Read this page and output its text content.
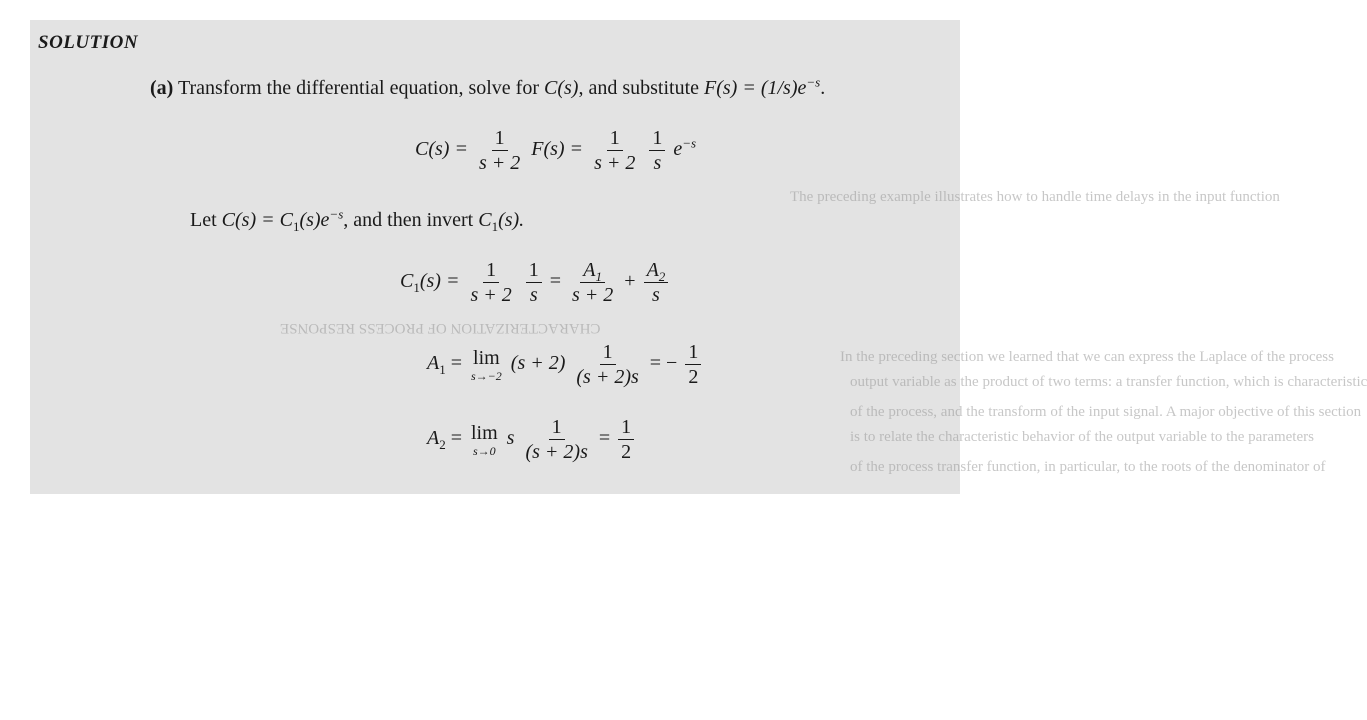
The preceding example illustrates how to handle time delays in the input function
CHARACTERIZATION OF PROCESS RESPONSE
In the preceding section we learned that we can express the Laplace of the process
output variable as the product of two terms: a transfer function, which is characteristic
of the process, and the transform of the input signal. A major objective of this section
is to relate the characteristic behavior of the output variable to the parameters
of the process transfer function, in particular, to the roots of the denominator of
SOLUTION
(a) Transform the differential equation, solve for C(s), and substitute $F(s) = (1/s)e^{-s}$.
$C(s) = \frac{1}{s + 2} F(s) = \frac{1}{s + 2}$
$\frac{1}{s} e^{-s}$
Let $C(s) = C_1(s)e^{-s}$, and then invert $C_1(s)$.
$C_1(s) = \frac{1}{s + 2}$
$\frac{1}{s} = \frac{A_1}{s + 2} + \frac{A_2}{s}$
$A_1 = \lim$
s→−2
$(s + 2) \frac{1}{(s + 2)s}$ = − $\frac{1}{2}$
$A_2 = \lim$
s→0
s $\frac{1}{(s + 2)s} = \frac{1}{2}$
